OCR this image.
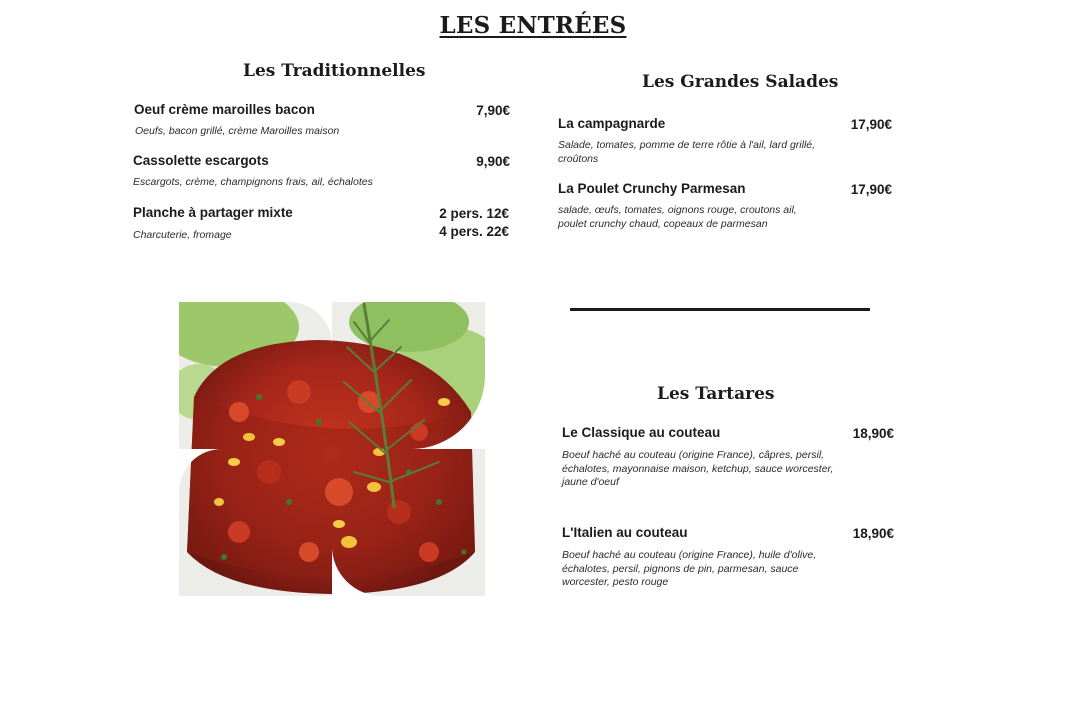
LES ENTRÉES
Les Traditionnelles
Oeuf crème maroilles bacon	7,90€
Oeufs, bacon grillé, crème Maroilles maison
Cassolette escargots	9,90€
Escargots, crème, champignons frais, ail, échalotes
Planche à partager mixte	2 pers. 12€
4 pers. 22€
Charcuterie, fromage
Les Grandes Salades
La campagnarde	17,90€
Salade, tomates, pomme de terre rôtie à l'ail, lard grillé, croûtons
La Poulet Crunchy Parmesan	17,90€
salade, œufs, tomates, oignons rouge, croutons ail, poulet crunchy chaud, copeaux de parmesan
Les Tartares
Le Classique au couteau	18,90€
Boeuf haché au couteau (origine France), câpres, persil, échalotes, mayonnaise maison, ketchup, sauce worcester, jaune d'oeuf
L'Italien au couteau	18,90€
Boeuf haché au couteau (origine France), huile d'olive, échalotes, persil, pignons de pin, parmesan, sauce worcester, pesto rouge
